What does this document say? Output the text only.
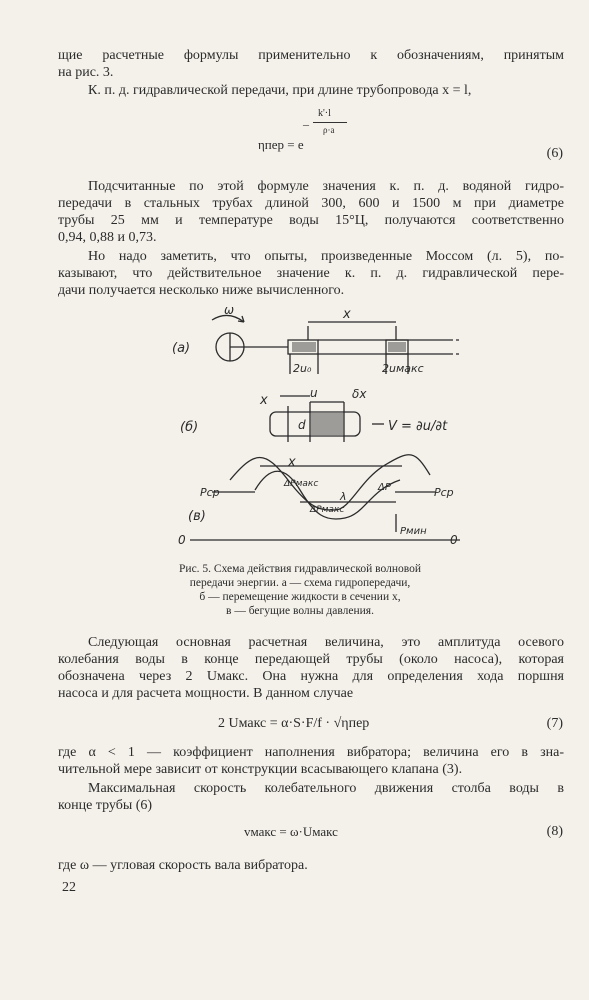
щие расчетные формулы применительно к обозначениям, принятым
на рис. 3.
К. п. д. гидравлической передачи, при длине трубопровода x = l,
k'·l
– ρ·a
ηпер = e
(6)
Подсчитанные по этой формуле значения к. п. д. водяной гидро-
передачи в стальных трубах длиной 300, 600 и 1500 м при диаметре
трубы 25 мм и температуре воды 15°Ц, получаются соответственно
0,94, 0,88 и 0,73.
Но надо заметить, что опыты, произведенные Моссом (л. 5), по-
казывают, что действительное значение к. п. д. гидравлической пере-
дачи получается несколько ниже вычисленного.
(а)
(б)
(в)
ω	x
2u₀	2uмакс
x	u	δx
d	V = ∂u/∂t
x
Pср	Pср
ΔPмакс	ΔP
ΔPмакс
λ
Pмин
0	0
Рис. 5. Схема действия гидравлической волновой
передачи энергии. а — схема гидропередачи,
б — перемещение жидкости в сечении x,
в — бегущие волны давления.
Следующая основная расчетная величина, это амплитуда осевого
колебания воды в конце передающей трубы (около насоса), которая
обозначена через 2 Uмакс. Она нужна для определения хода поршня
насоса и для расчета мощности. В данном случае
2 Uмакс = α·S·F/f · √ηпер	(7)
где α < 1 — коэффициент наполнения вибратора; величина его в зна-
чительной мере зависит от конструкции всасывающего клапана (3).
Максимальная скорость колебательного движения столба воды в
конце трубы (6)
vмакс = ω·Uмакс	(8)
где ω — угловая скорость вала вибратора.
22
